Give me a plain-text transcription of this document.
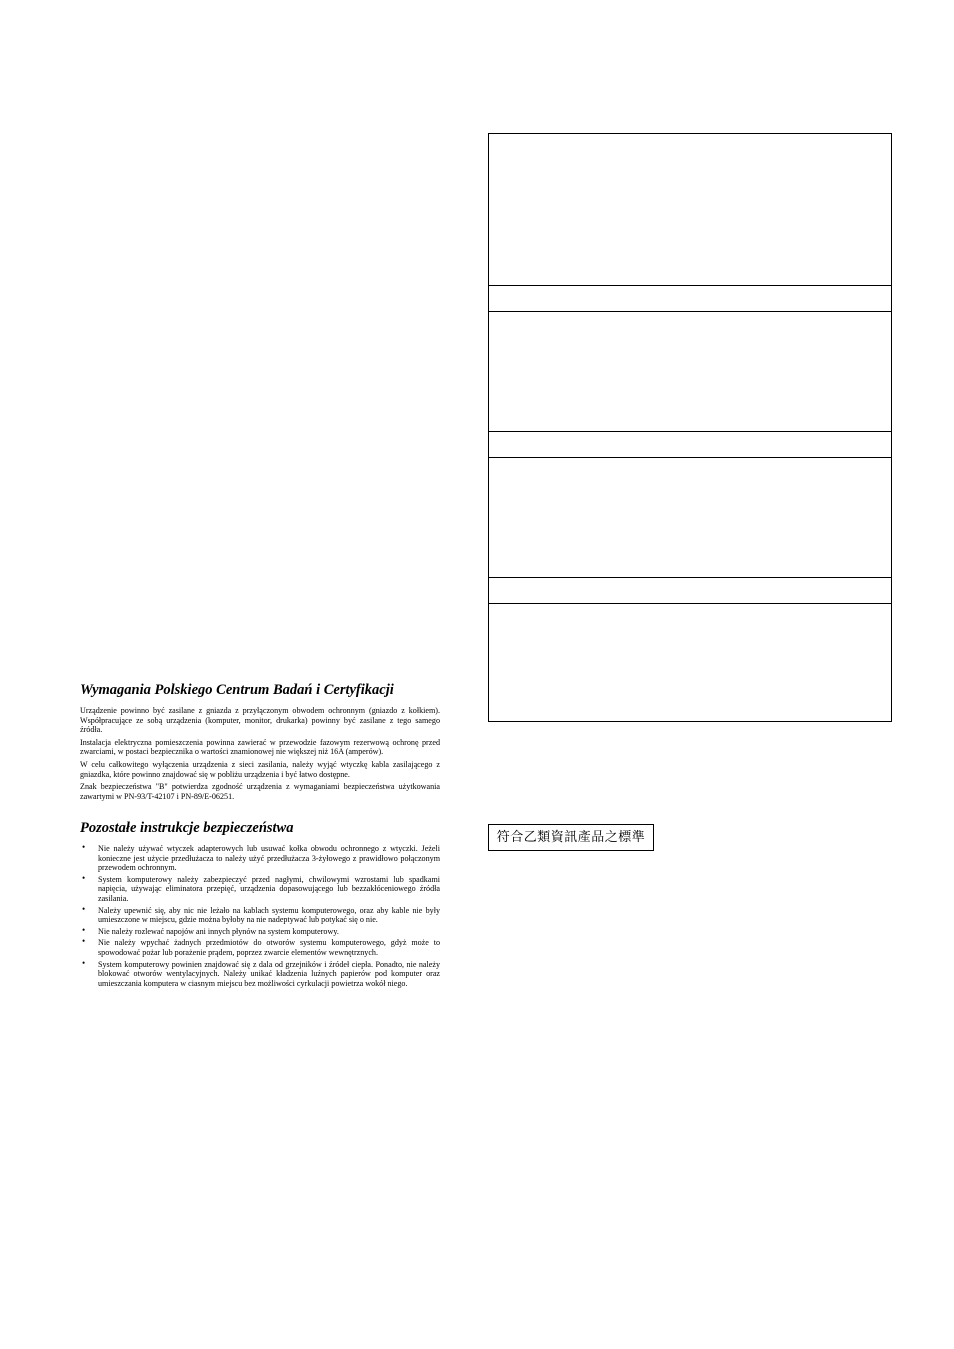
Wymagania Polskiego Centrum Badań i Certyfikacji

Urządzenie powinno być zasilane z gniazda z przyłączonym obwodem ochronnym (gniazdo z kołkiem). Współpracujące ze sobą urządzenia (komputer, monitor, drukarka) powinny być zasilane z tego samego źródła.

Instalacja elektryczna pomieszczenia powinna zawierać w przewodzie fazowym rezerwową ochronę przed zwarciami, w postaci bezpiecznika o wartości znamionowej nie większej niż 16A (amperów).

W celu całkowitego wyłączenia urządzenia z sieci zasilania, należy wyjąć wtyczkę kabla zasilającego z gniazdka, które powinno znajdować się w pobliżu urządzenia i być łatwo dostępne.

Znak bezpieczeństwa "B" potwierdza zgodność urządzenia z wymaganiami bezpieczeństwa użytkowania zawartymi w PN-93/T-42107 i PN-89/E-06251.

Pozostałe instrukcje bezpieczeństwa
• Nie należy używać wtyczek adapterowych lub usuwać kołka obwodu ochronnego z wtyczki. Jeżeli konieczne jest użycie przedłużacza to należy użyć przedłużacza 3-żyłowego z prawidłowo połączonym przewodem ochronnym.
• System komputerowy należy zabezpieczyć przed nagłymi, chwilowymi wzrostami lub spadkami napięcia, używając eliminatora przepięć, urządzenia dopasowującego lub bezzakłóceniowego źródła zasilania.
• Należy upewnić się, aby nic nie leżało na kablach systemu komputerowego, oraz aby kable nie były umieszczone w miejscu, gdzie można byłoby na nie nadeptywać lub potykać się o nie.
• Nie należy rozlewać napojów ani innych płynów na system komputerowy.
• Nie należy wpychać żadnych przedmiotów do otworów systemu komputerowego, gdyż może to spowodować pożar lub porażenie prądem, poprzez zwarcie elementów wewnętrznych.
• System komputerowy powinien znajdować się z dala od grzejników i źródeł ciepła. Ponadto, nie należy blokować otworów wentylacyjnych. Należy unikać kładzenia luźnych papierów pod komputer oraz umieszczania komputera w ciasnym miejscu bez możliwości cyrkulacji powietrza wokół niego.
符合乙類資訊產品之標準
